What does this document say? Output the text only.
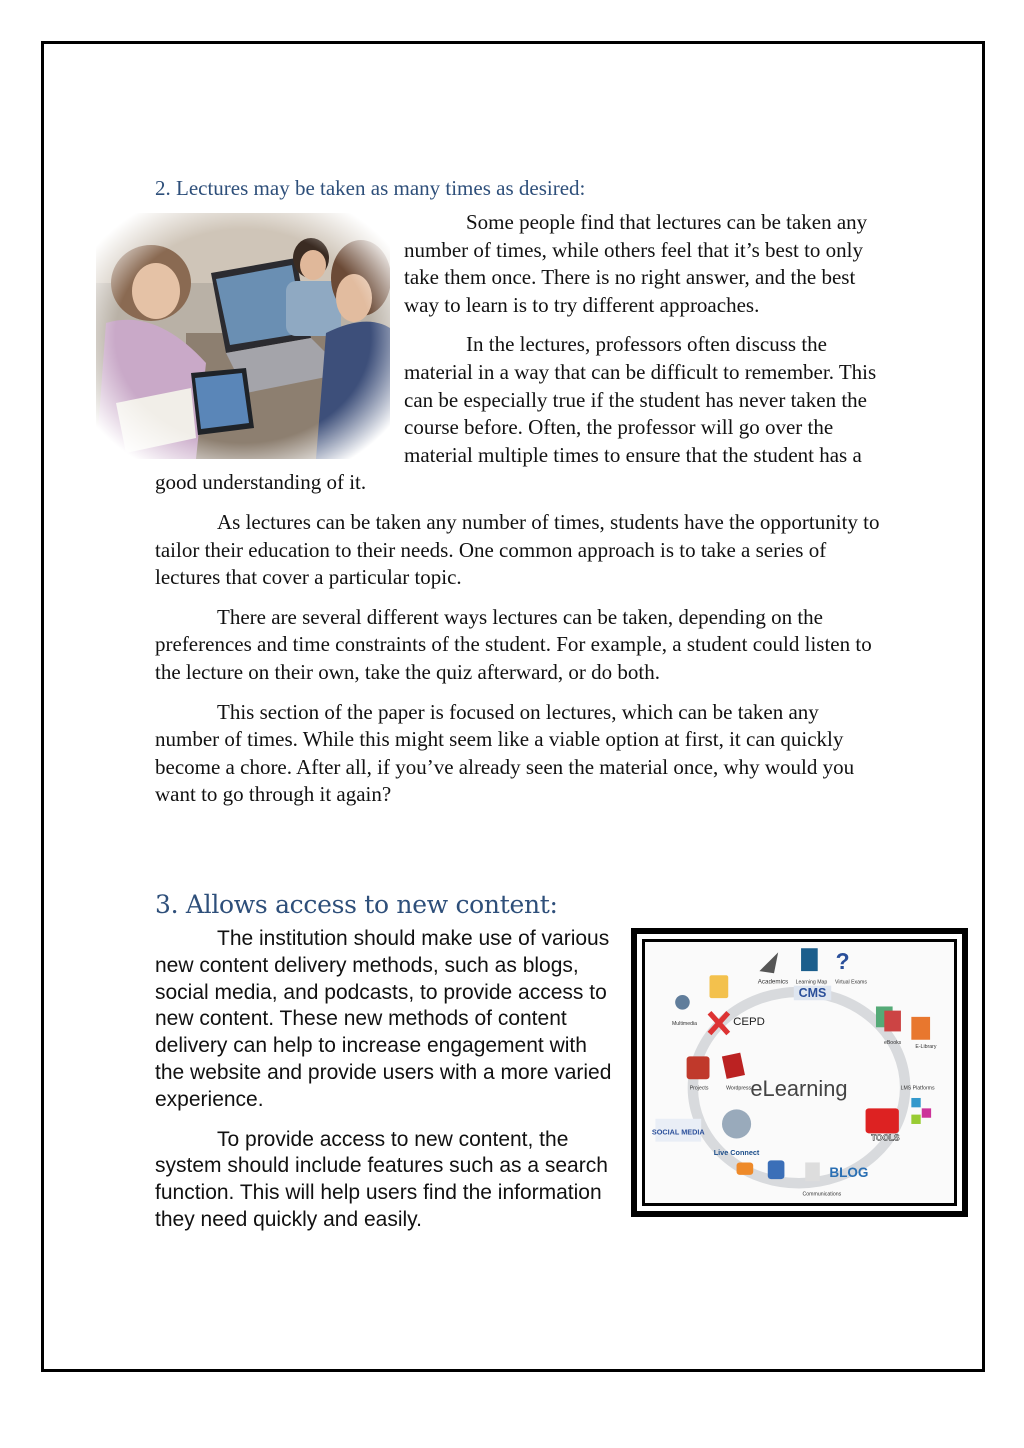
2. Lectures may be taken as many times as desired:

Some people find that lectures can be taken any number of times, while others feel that it’s best to only take them once. There is no right answer, and the best way to learn is to try different approaches.

In the lectures, professors often discuss the material in a way that can be difficult to remember. This can be especially true if the student has never taken the course before. Often, the professor will go over the material multiple times to ensure that the student has a good understanding of it.

As lectures can be taken any number of times, students have the opportunity to tailor their education to their needs. One common approach is to take a series of lectures that cover a particular topic.

There are several different ways lectures can be taken, depending on the preferences and time constraints of the student. For example, a student could listen to the lecture on their own, take the quiz afterward, or do both.

This section of the paper is focused on lectures, which can be taken any number of times. While this might seem like a viable option at first, it can quickly become a chore. After all, if you’ve already seen the material once, why would you want to go through it again?

3. Allows access to new content:

The institution should make use of various new content delivery methods, such as blogs, social media, and podcasts, to provide access to new content. These new methods of content delivery can help to increase engagement with the website and provide users with a more varied experience.

To provide access to new content, the system should include features such as a search function. This will help users find the information they need quickly and easily.

eLearning
Academics Learning Map
?
Virtual Exams
CMS
Multimedia	CEPD
eBooks
E-Library
Projects	Wordpress	LMS Platforms
SOCIAL MEDIA
TOOLS
Live Connect
BLOG
Communications
